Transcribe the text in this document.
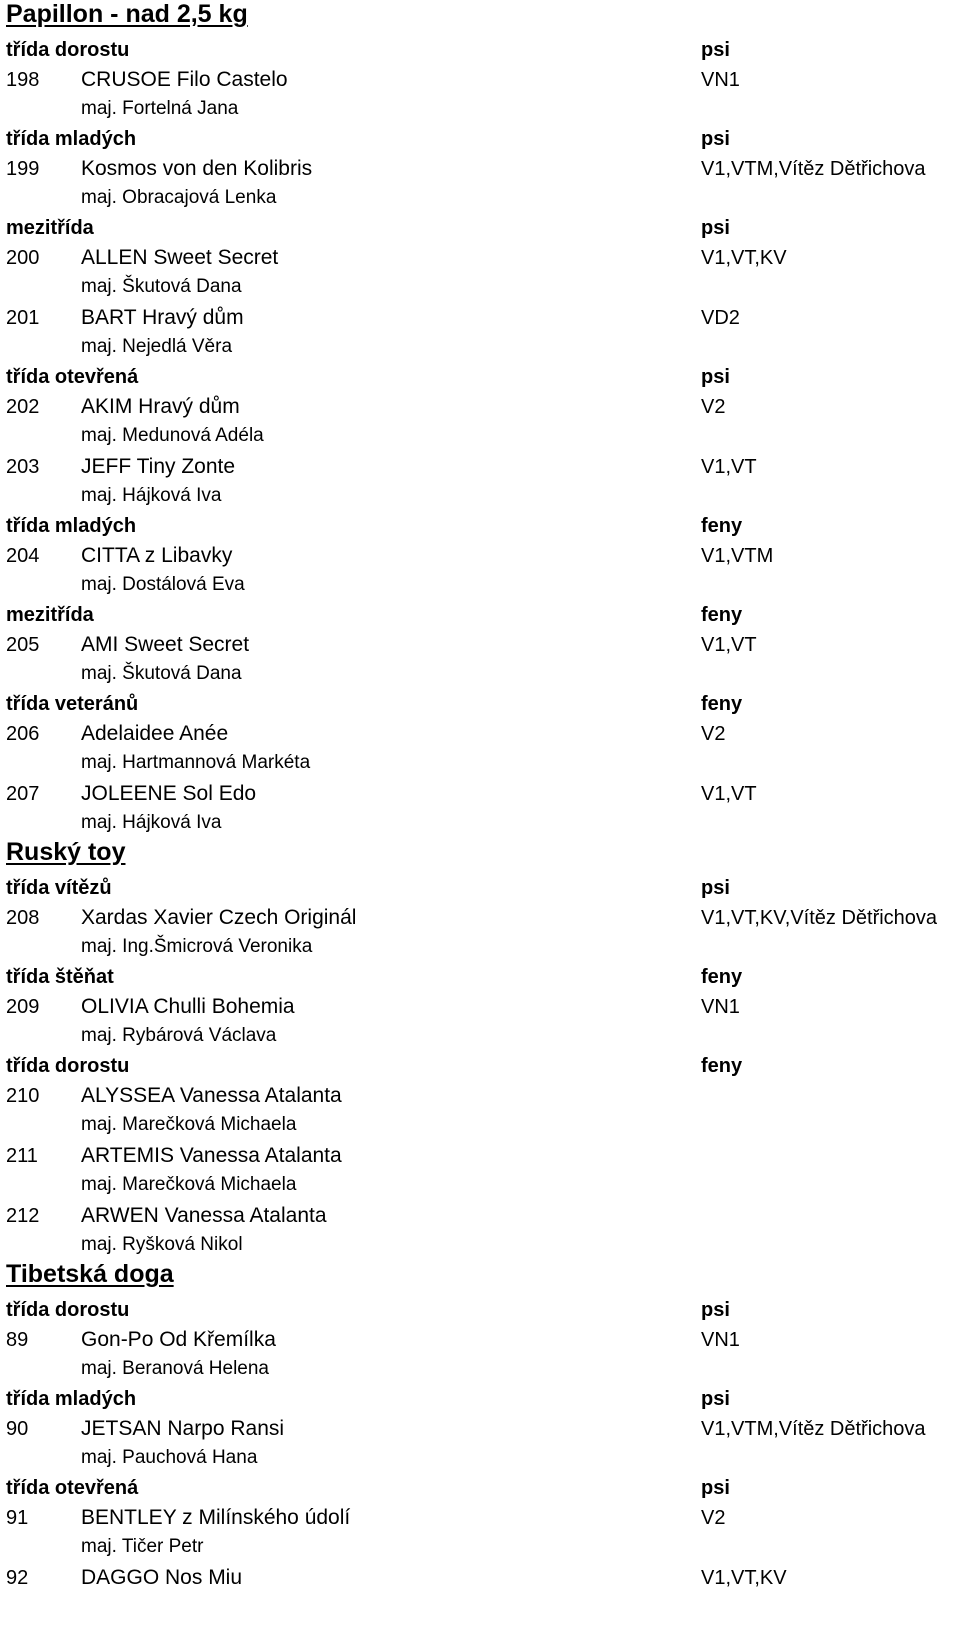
Papillon - nad 2,5 kg
třída dorostu	psi
198 CRUSOE Filo Castelo	VN1
maj. Fortelná Jana
třída mladých	psi
199 Kosmos von den Kolibris	V1,VTM,Vítěz Dětřichova
maj. Obracajová Lenka
mezitřída	psi
200 ALLEN Sweet Secret	V1,VT,KV
maj. Škutová Dana
201 BART Hravý dům	VD2
maj. Nejedlá Věra
třída otevřená	psi
202 AKIM Hravý dům	V2
maj. Medunová Adéla
203 JEFF Tiny Zonte	V1,VT
maj. Hájková Iva
třída mladých	feny
204 CITTA z Libavky	V1,VTM
maj. Dostálová Eva
mezitřída	feny
205 AMI Sweet Secret	V1,VT
maj. Škutová Dana
třída veteránů	feny
206 Adelaidee Anée	V2
maj. Hartmannová Markéta
207 JOLEENE Sol Edo	V1,VT
maj. Hájková Iva
Ruský toy
třída vítězů	psi
208 Xardas Xavier Czech Originál	V1,VT,KV,Vítěz Dětřichova
maj. Ing.Šmicrová Veronika
třída štěňat	feny
209 OLIVIA Chulli Bohemia	VN1
maj. Rybárová Václava
třída dorostu	feny
210 ALYSSEA Vanessa Atalanta
maj. Marečková Michaela
211 ARTEMIS Vanessa Atalanta
maj. Marečková Michaela
212 ARWEN Vanessa Atalanta
maj. Ryšková Nikol
Tibetská doga
třída dorostu	psi
89	Gon-Po Od Křemílka	VN1
maj. Beranová Helena
třída mladých	psi
90	JETSAN Narpo Ransi	V1,VTM,Vítěz Dětřichova
maj. Pauchová Hana
třída otevřená	psi
91	BENTLEY z Milínského údolí	V2
maj. Tičer Petr
92	DAGGO Nos Miu	V1,VT,KV
